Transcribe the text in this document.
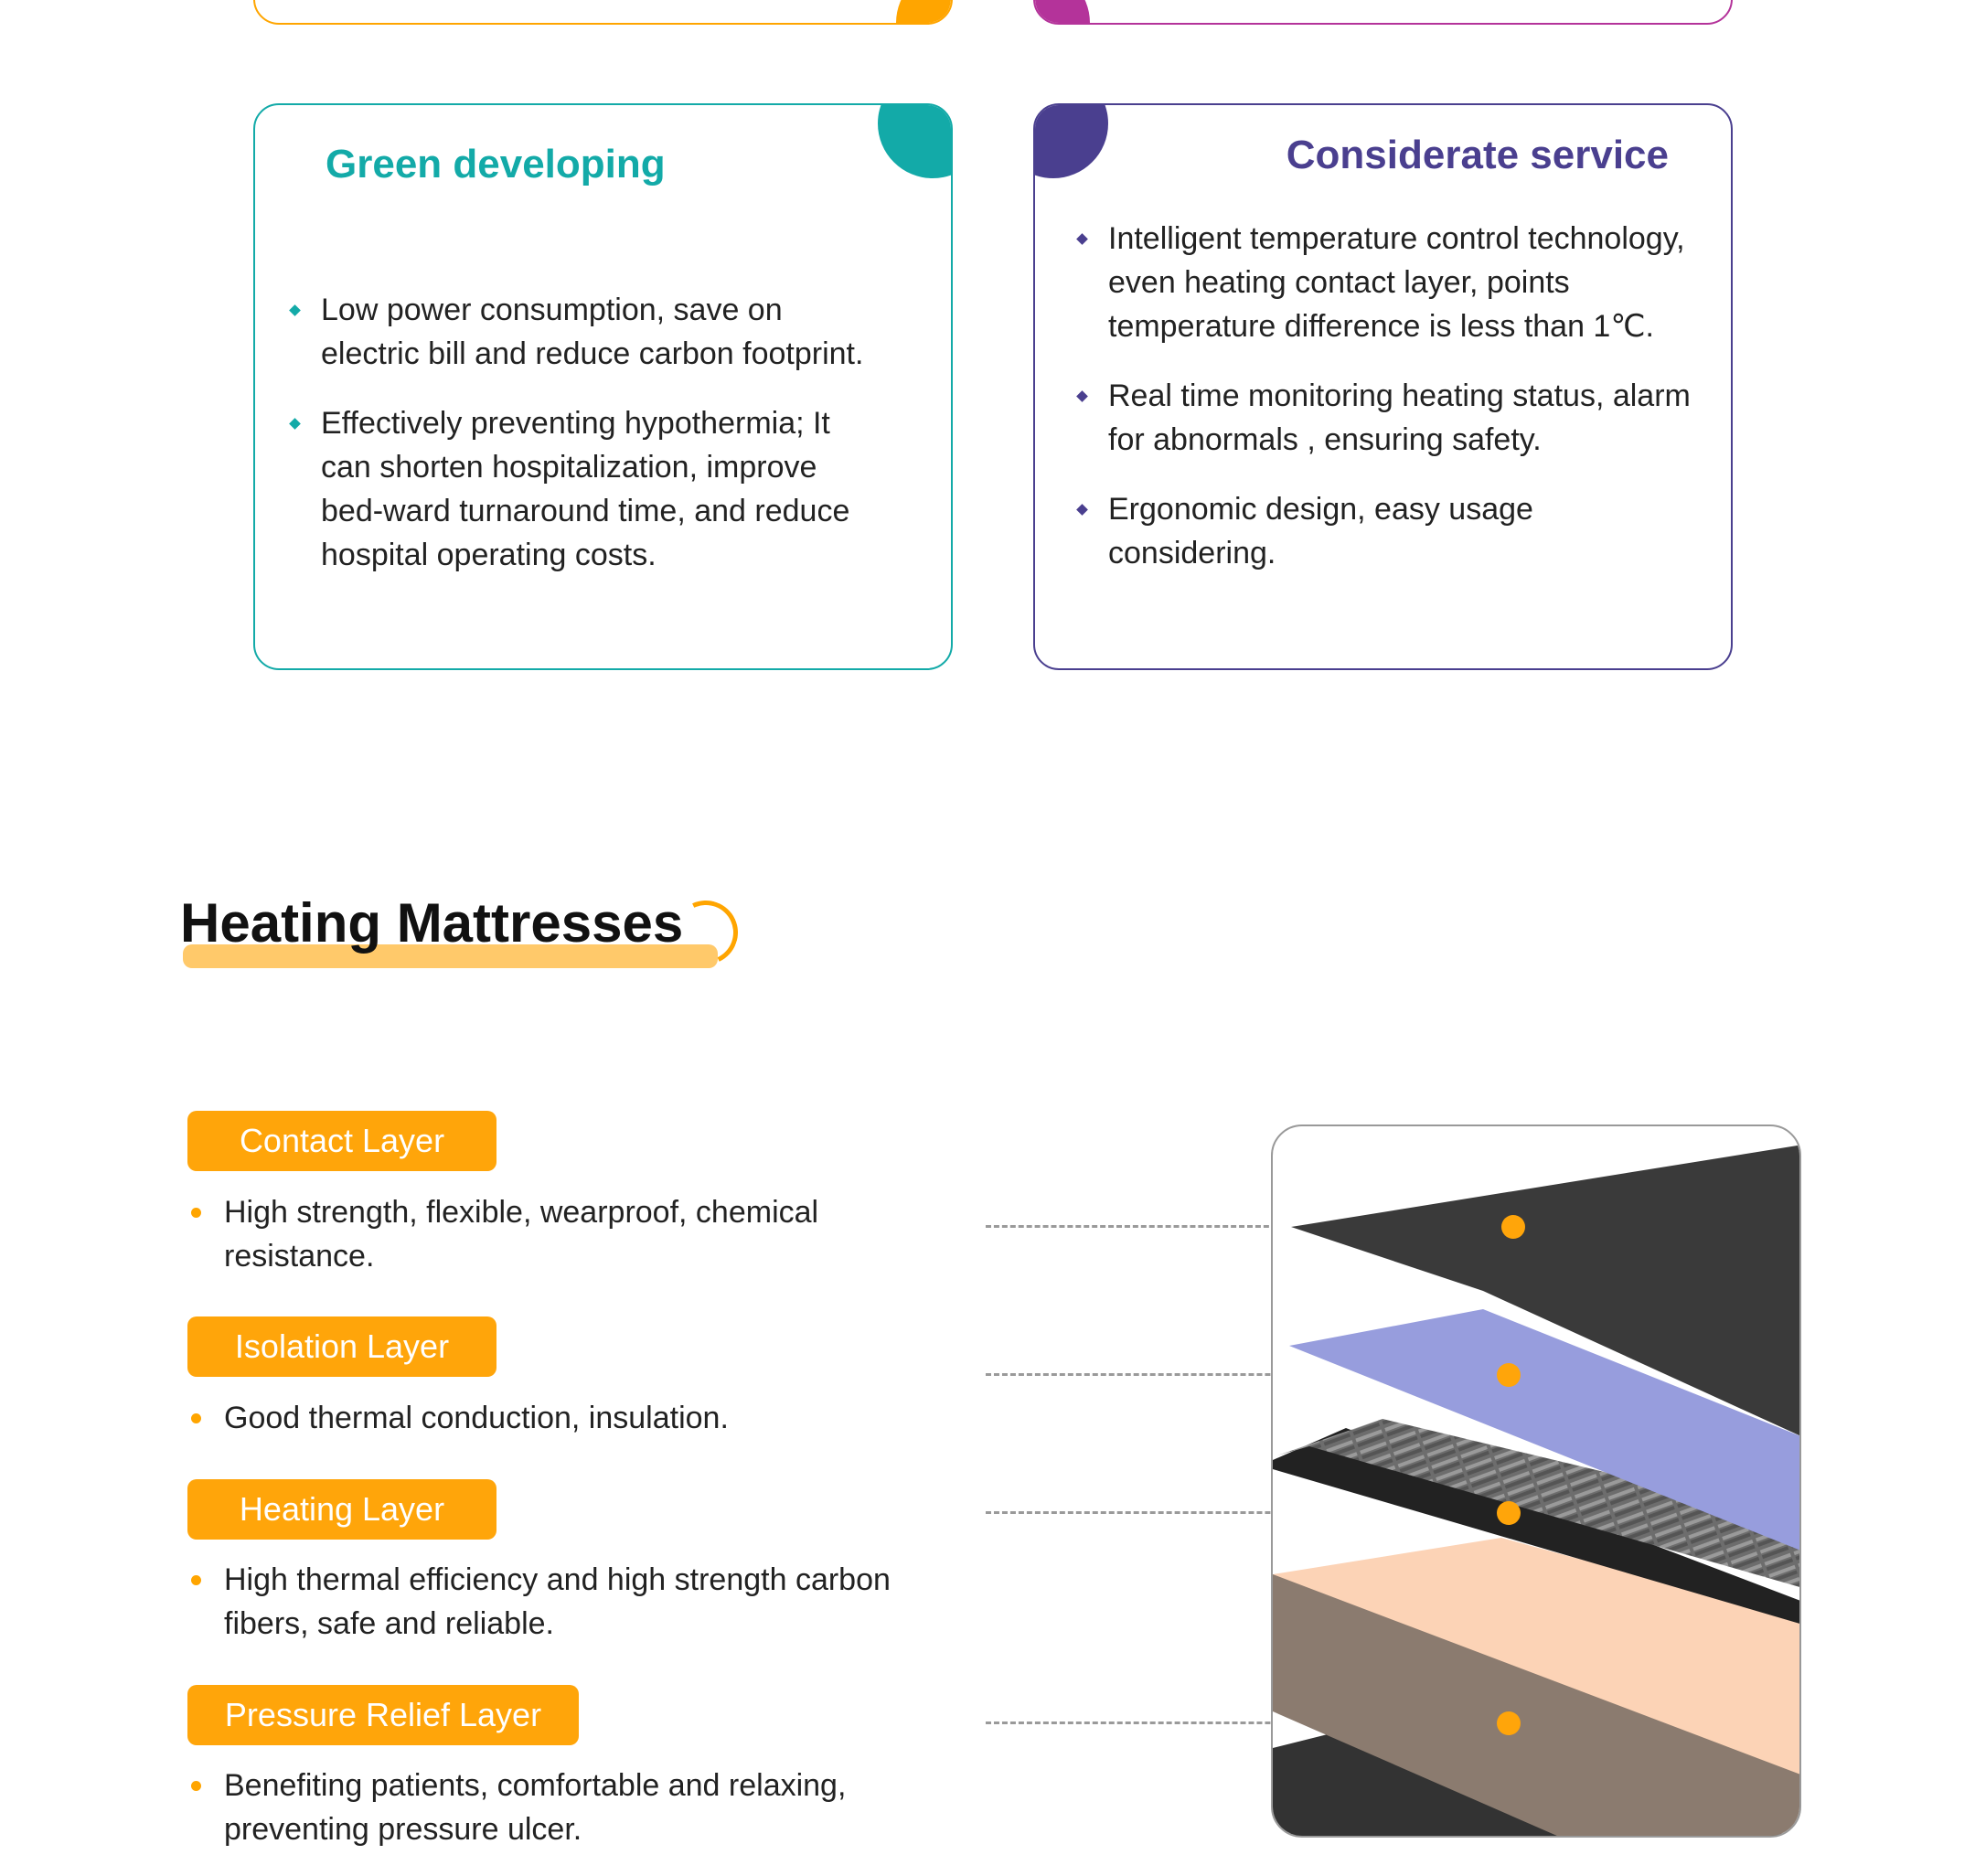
Green developing
Low power consumption, save on electric bill and reduce carbon footprint.
Effectively preventing hypothermia; It can shorten hospitalization, improve bed-ward turnaround time, and reduce hospital operating costs.
Considerate service
Intelligent temperature control technology, even heating contact layer, points temperature difference is less than 1℃.
Real time monitoring heating status, alarm for abnormals , ensuring safety.
Ergonomic design, easy usage considering.
Heating Mattresses
Contact Layer
High strength, flexible, wearproof, chemical resistance.
Isolation Layer
Good thermal conduction, insulation.
Heating Layer
High thermal efficiency and high strength carbon fibers, safe and reliable.
Pressure Relief Layer
Benefiting patients, comfortable and relaxing, preventing pressure ulcer.
